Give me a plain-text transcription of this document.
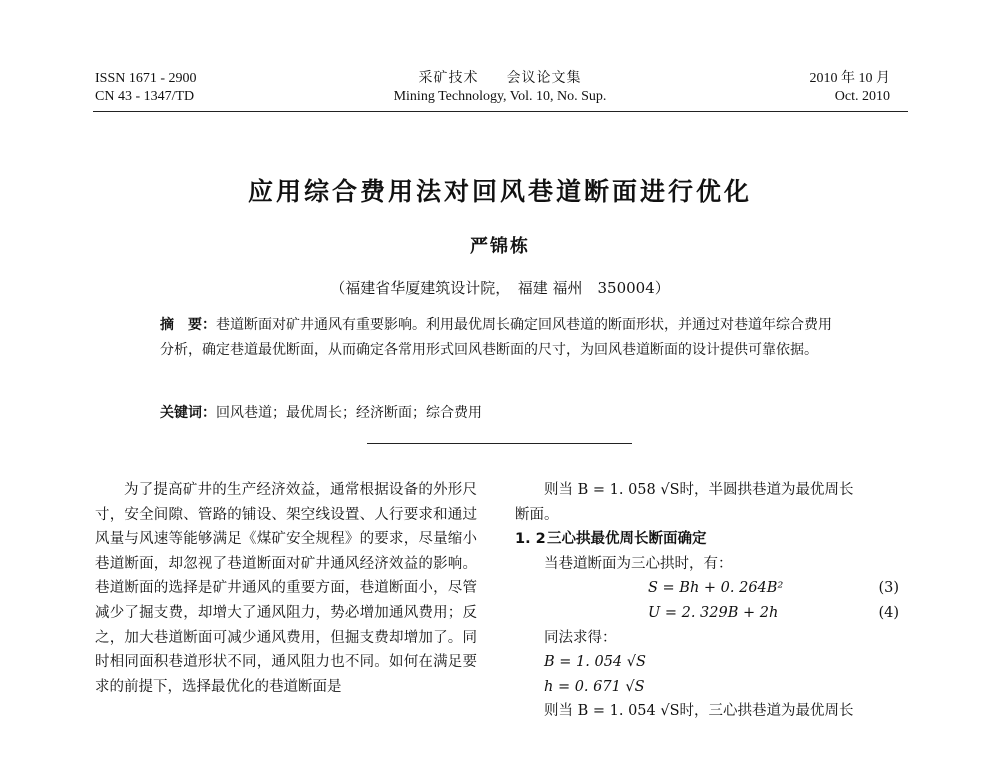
ISSN 1671 - 2900
CN 43 - 1347/TD
采矿技术 会议论文集
Mining Technology, Vol. 10, No. Sup.
2010 年 10 月
Oct. 2010
应用综合费用法对回风巷道断面进行优化
严锦栋
（福建省华厦建筑设计院，　福建 福州　350004）
摘　要：巷道断面对矿井通风有重要影响。利用最优周长确定回风巷道的断面形状，并通过对巷道年综合费用分析，确定巷道最优断面，从而确定各常用形式回风巷断面的尺寸，为回风巷道断面的设计提供可靠依据。
关键词：回风巷道；最优周长；经济断面；综合费用

为了提高矿井的生产经济效益，通常根据设备的外形尺寸，安全间隙、管路的铺设、架空线设置、人行要求和通过风量与风速等能够满足《煤矿安全规程》的要求，尽量缩小巷道断面，却忽视了巷道断面对矿井通风经济效益的影响。巷道断面的选择是矿井通风的重要方面，巷道断面小，尽管减少了掘支费，却增大了通风阻力，势必增加通风费用；反之，加大巷道断面可减少通风费用，但掘支费却增加了。同时相同面积巷道形状不同，通风阻力也不同。如何在满足要求的前提下，选择最优化的巷道断面是

则当 B = 1. 058 √S时，半圆拱巷道为最优周长
断面。
1. 2三心拱最优周长断面确定
当巷道断面为三心拱时，有：
S = Bh + 0. 264B²	(3)
U = 2. 329B + 2h	(4)
同法求得：
B = 1. 054 √S
h = 0. 671 √S
则当 B = 1. 054 √S时，三心拱巷道为最优周长
